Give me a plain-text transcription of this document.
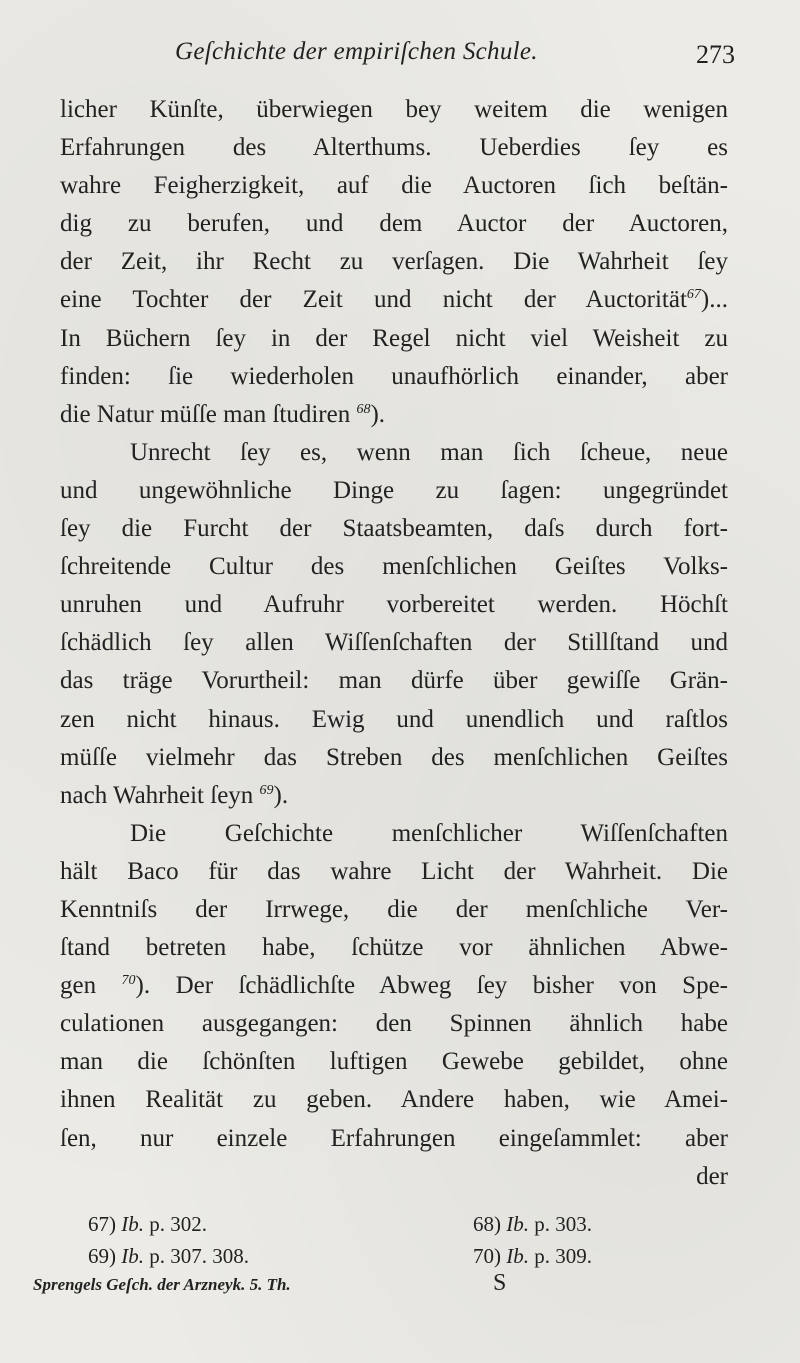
Geſchichte der empiriſchen Schule.	273
licher Künſte, überwiegen bey weitem die wenigen
Erfahrungen des Alterthums. Ueberdies ſey es
wahre Feigherzigkeit, auf die Auctoren ſich beſtän-
dig zu berufen, und dem Auctor der Auctoren,
der Zeit, ihr Recht zu verſagen. Die Wahrheit ſey
eine Tochter der Zeit und nicht der Auctorität$^{67}$)...
In Büchern ſey in der Regel nicht viel Weisheit zu
finden: ſie wiederholen unaufhörlich einander, aber
die Natur müſſe man ſtudiren $^{68}$).
Unrecht ſey es, wenn man ſich ſcheue, neue
und ungewöhnliche Dinge zu ſagen: ungegründet
ſey die Furcht der Staatsbeamten, daſs durch fort-
ſchreitende Cultur des menſchlichen Geiſtes Volks-
unruhen und Aufruhr vorbereitet werden. Höchſt
ſchädlich ſey allen Wiſſenſchaften der Stillſtand und
das träge Vorurtheil: man dürfe über gewiſſe Grän-
zen nicht hinaus. Ewig und unendlich und raſtlos
müſſe vielmehr das Streben des menſchlichen Geiſtes
nach Wahrheit ſeyn $^{69}$).
Die Geſchichte menſchlicher Wiſſenſchaften
hält Baco für das wahre Licht der Wahrheit. Die
Kenntniſs der Irrwege, die der menſchliche Ver-
ſtand betreten habe, ſchütze vor ähnlichen Abwe-
gen $^{70}$). Der ſchädlichſte Abweg ſey bisher von Spe-
culationen ausgegangen: den Spinnen ähnlich habe
man die ſchönſten luftigen Gewebe gebildet, ohne
ihnen Realität zu geben. Andere haben, wie Amei-
ſen, nur einzele Erfahrungen eingeſammlet: aber
der
67) Ib. p. 302.	68) Ib. p. 303.
69) Ib. p. 307. 308.	70) Ib. p. 309.
Sprengels Geſch. der Arzneyk. 5. Th.	S
